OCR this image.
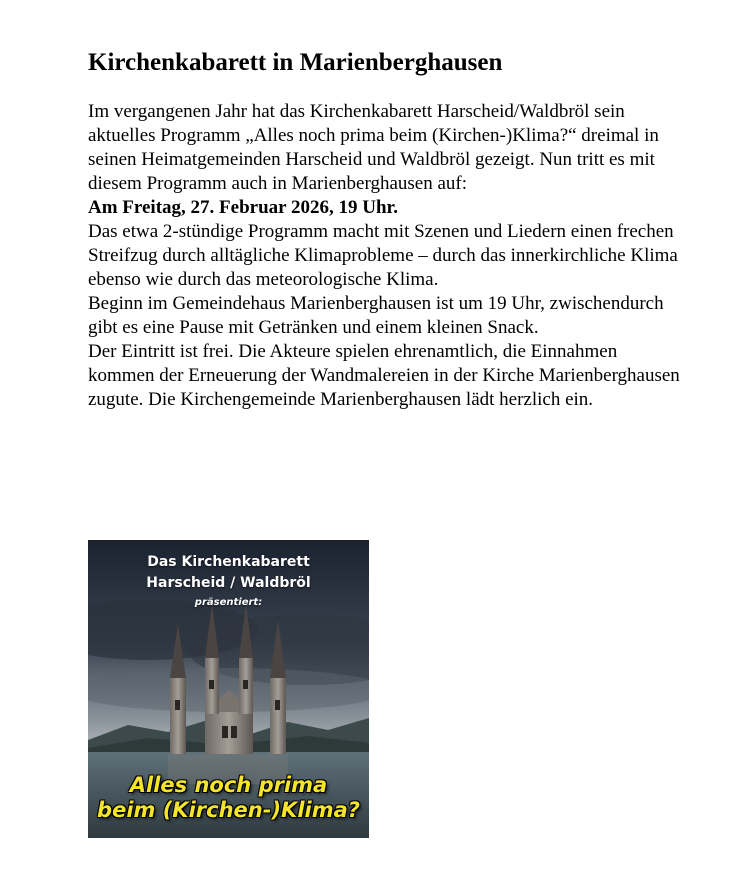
Kirchenkabarett in Marienberghausen

Im vergangenen Jahr hat das Kirchenkabarett Harscheid/Waldbröl sein aktuelles Programm „Alles noch prima beim (Kirchen-)Klima?“ dreimal in seinen Heimatgemeinden Harscheid und Waldbröl gezeigt. Nun tritt es mit diesem Programm auch in Marienberghausen auf:

Am Freitag, 27. Februar 2026, 19 Uhr.

Das etwa 2-stündige Programm macht mit Szenen und Liedern einen frechen Streifzug durch alltägliche Klimaprobleme – durch das innerkirchliche Klima ebenso wie durch das meteorologische Klima.

Beginn im Gemeindehaus Marienberghausen ist um 19 Uhr, zwischendurch gibt es eine Pause mit Getränken und einem kleinen Snack.

Der Eintritt ist frei. Die Akteure spielen ehrenamtlich, die Einnahmen kommen der Erneuerung der Wandmalereien in der Kirche Marienberghausen zugute. Die Kirchengemeinde Marienberghausen lädt herzlich ein.

Das Kirchenkabarett
Harscheid / Waldbröl
präsentiert:
Alles noch prima
beim (Kirchen-)Klima?
